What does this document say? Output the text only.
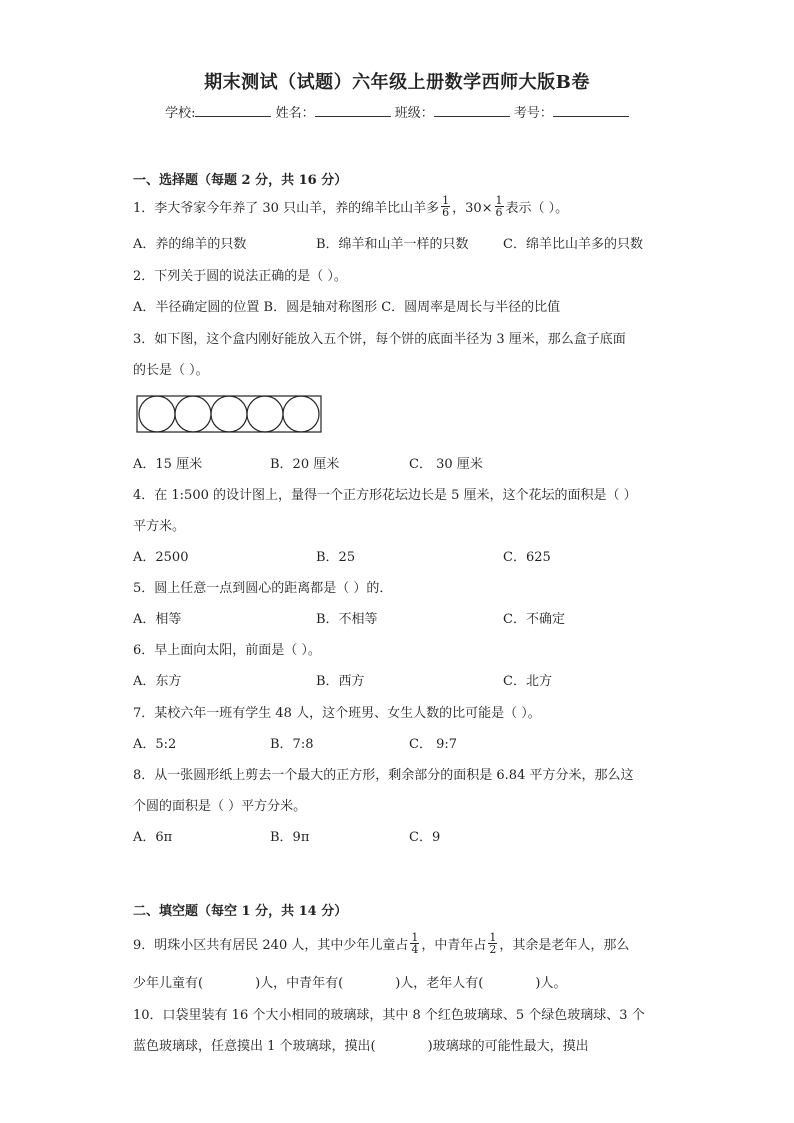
期末测试（试题）六年级上册数学西师大版B卷
学校:	姓名：	班级：	考号：
一、选择题（每题 2 分，共 16 分）
1．李大爷家今年养了 30 只山羊，养的绵羊比山羊多 $\frac{1}{6}$ ，$30\times \frac{1}{6}$ 表示（ ）。
A．养的绵羊的只数	B．绵羊和山羊一样的只数	C．绵羊比山羊多的只数
2．下列关于圆的说法正确的是（ ）。
A．半径确定圆的位置 B．圆是轴对称图形 C．圆周率是周长与半径的比值
3．如下图，这个盒内刚好能放入五个饼，每个饼的底面半径为 3 厘米，那么盒子底面
的长是（ ）。
A．15 厘米	B．20 厘米	C． 30 厘米
4．在 1:500 的设计图上，量得一个正方形花坛边长是 5 厘米，这个花坛的面积是（ ）
平方米。
A．2500	B．25	C．625
5．圆上任意一点到圆心的距离都是（ ）的．
A．相等	B．不相等	C．不确定
6．早上面向太阳，前面是（ ）。
A．东方	B．西方	C．北方
7．某校六年一班有学生 48 人，这个班男、女生人数的比可能是（ ）。
A．5:2	B．7:8	C． 9:7
8．从一张圆形纸上剪去一个最大的正方形，剩余部分的面积是 6.84 平方分米，那么这
个圆的面积是（ ）平方分米。
A．6π	B．9π	C．9
二、填空题（每空 1 分，共 14 分）
9．明珠小区共有居民 240 人，其中少年儿童占 $\frac{1}{4}$ ，中青年占 $\frac{1}{2}$ ，其余是老年人，那么
少年儿童有(	)人，中青年有(	)人，老年人有(	)人。
10．口袋里装有 16 个大小相同的玻璃球，其中 8 个红色玻璃球、5 个绿色玻璃球、3 个
蓝色玻璃球，任意摸出 1 个玻璃球，摸出(	)玻璃球的可能性最大，摸出
